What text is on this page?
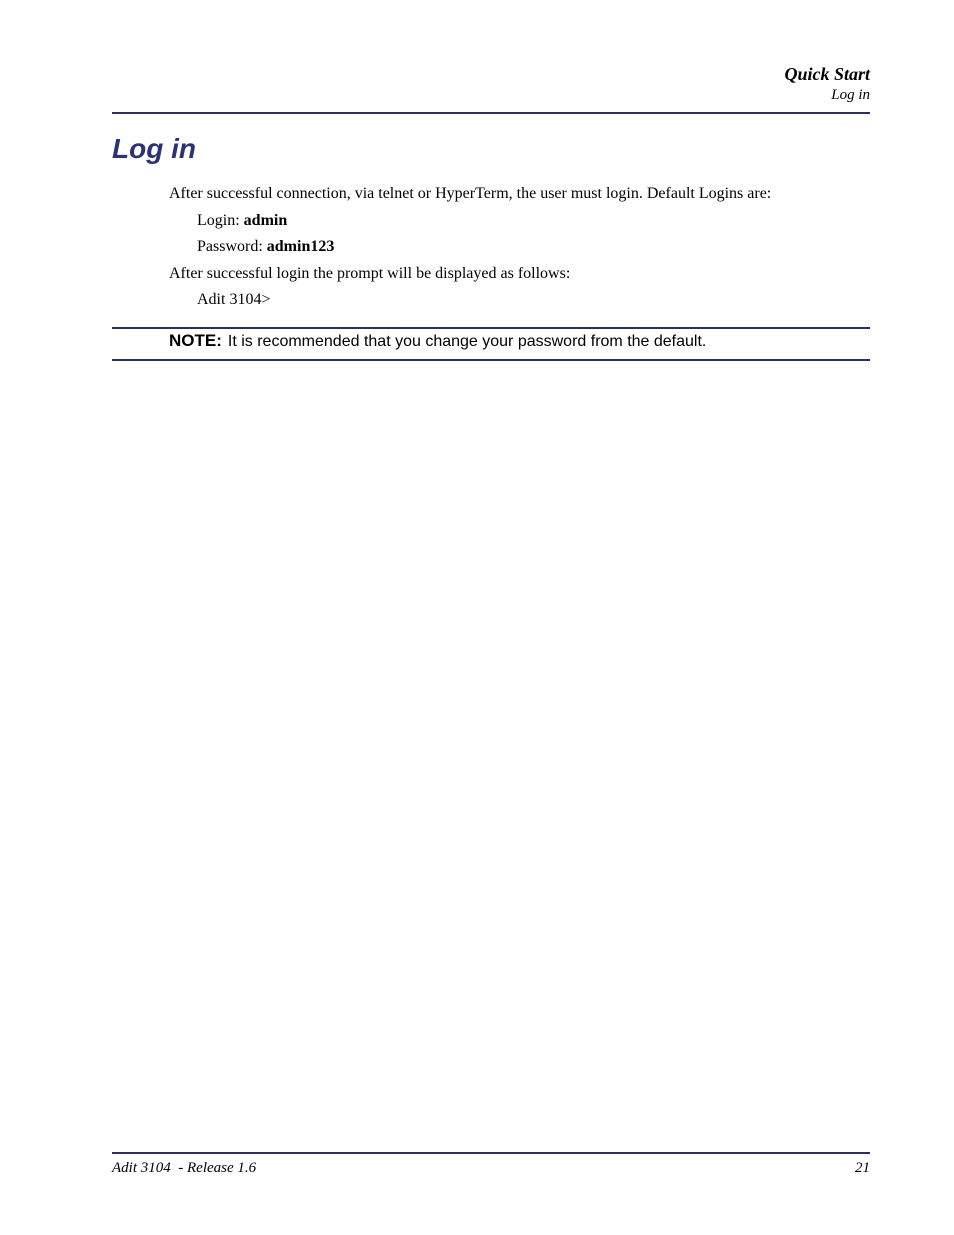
Quick Start
Log in
Log in
After successful connection, via telnet or HyperTerm, the user must login. Default Logins are:
Login: admin
Password: admin123
After successful login the prompt will be displayed as follows:
Adit 3104>
NOTE: It is recommended that you change your password from the default.
Adit 3104  - Release 1.6	21
